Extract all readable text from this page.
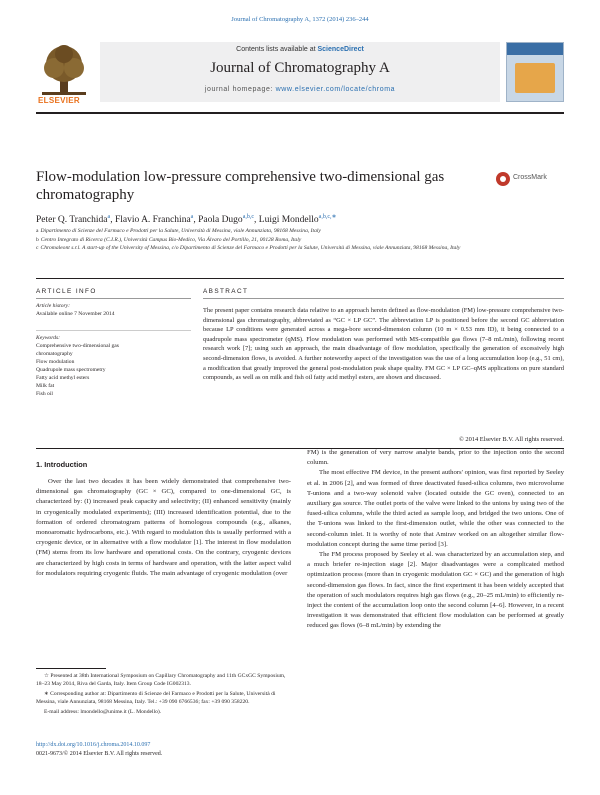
Journal of Chromatography A, 1372 (2014) 236–244
ELSEVIER
Contents lists available at ScienceDirect
Journal of Chromatography A
journal homepage: www.elsevier.com/locate/chroma
Flow-modulation low-pressure comprehensive two-dimensional gas chromatography
CrossMark
Peter Q. Tranchida$^a$, Flavio A. Franchina$^a$, Paola Dugo$^{a,b,c}$, Luigi Mondello$^{a,b,c,∗}$
a Dipartimento di Scienze del Farmaco e Prodotti per la Salute, Università di Messina, viale Annunziata, 98168 Messina, Italy
b Centro Integrato di Ricerca (C.I.R.), Università Campus Bio-Medico, Via Álvaro del Portillo, 21, 00128 Roma, Italy
c Chromaleont s.r.l. A start-up of the University of Messina, c/o Dipartimento di Scienze del Farmaco e Prodotti per la Salute, Università di Messina, viale Annunziata, 98168 Messina, Italy
ARTICLE INFO	ABSTRACT
Article history:
Available online 7 November 2014
Keywords:
Comprehensive two-dimensional gas
chromatography
Flow modulation
Quadrupole mass spectrometry
Fatty acid methyl esters
Milk fat
Fish oil
The present paper contains research data relative to an approach herein defined as flow-modulation (FM) low-pressure comprehensive two-dimensional gas chromatography, abbreviated as “GC × LP GC”. The abbreviation LP is positioned before the second GC abbreviation because LP conditions were generated across a mega-bore second-dimension column (10 m × 0.53 mm ID), it being connected to a quadrupole mass spectrometer (qMS). Flow modulation was performed with MS-compatible gas flows (7–8 mL/min), following recent research work [7]; using such an approach, the main disadvantage of flow modulation, specifically the generation of excessively high second-dimension flows, is avoided. A further noteworthy aspect of the investigation was the use of a long accumulation loop (e.g., 51 cm), a modification that greatly improved the general post-modulation peak shape quality. FM GC × LP GC–qMS applications on pure standard compounds, as well as on milk and fish oil fatty acid methyl esters, are shown and discussed.
© 2014 Elsevier B.V. All rights reserved.
1. Introduction

Over the last two decades it has been widely demonstrated that comprehensive two-dimensional gas chromatography (GC × GC), compared to one-dimensional GC, is characterized by: (I) increased peak capacity and selectivity; (II) enhanced sensitivity (mainly in cryogenically modulated experiments); (III) increased identification potential, due to the formation of ordered chromatogram patterns of homologous compounds (e.g., alkanes, monoaromatic hydrocarbons, etc.). With regard to modulation this is usually performed with a cryogenic device, or in alternative with a flow modulator [1]. The interest in flow modulation (FM) stems from its low hardware and operational costs. On the contrary, cryogenic devices are characterized by high costs in terms of hardware and operation, with the latter aspect valid for modulators requiring cryogenic fluids. The main advantage of cryogenic modulation (over

FM) is the generation of very narrow analyte bands, prior to the injection onto the second column.

The most effective FM device, in the present authors' opinion, was first reported by Seeley et al. in 2006 [2], and was formed of three deactivated fused-silica columns, two microvolume T-unions and a two-way solenoid valve (located outside the GC oven), connected to an auxiliary gas source. The outlet ports of the valve were linked to the unions by using two of the fused-silica columns, while the third acted as sample loop, and bridged the two unions. One of the T-unions was linked to the first-dimension outlet, while the other was connected to the second-column inlet. It is worthy of note that Amirav worked on an altogether similar flow-modulation concept during the same time period [3].

The FM process proposed by Seeley et al. was characterized by an accumulation step, and a much briefer re-injection stage [2]. Major disadvantages were a complicated method optimization process (more than in cryogenic modulation GC × GC) and the generation of high second-dimension gas flows. In fact, since the first experiment it has been widely accepted that the operation of such modulators requires high gas flows (e.g., 20–25 mL/min) to efficiently re-inject the content of the accumulation loop onto the second column [4–6]. However, in a recent investigation it was demonstrated that efficient flow modulation can be performed at greatly reduced gas flows (6–8 mL/min) by extending the

☆ Presented at 38th International Symposium on Capillary Chromatography and 11th GCxGC Symposium, 18–23 May 2014, Riva del Garda, Italy. Item Group Code IG002313.

∗ Corresponding author at: Dipartimento di Scienze del Farmaco e Prodotti per la Salute, Università di Messina, viale Annunziata, 98168 Messina, Italy. Tel.: +39 090 6766536; fax: +39 090 358220.

E-mail address: lmondello@unime.it (L. Mondello).

http://dx.doi.org/10.1016/j.chroma.2014.10.097
0021-9673/© 2014 Elsevier B.V. All rights reserved.
